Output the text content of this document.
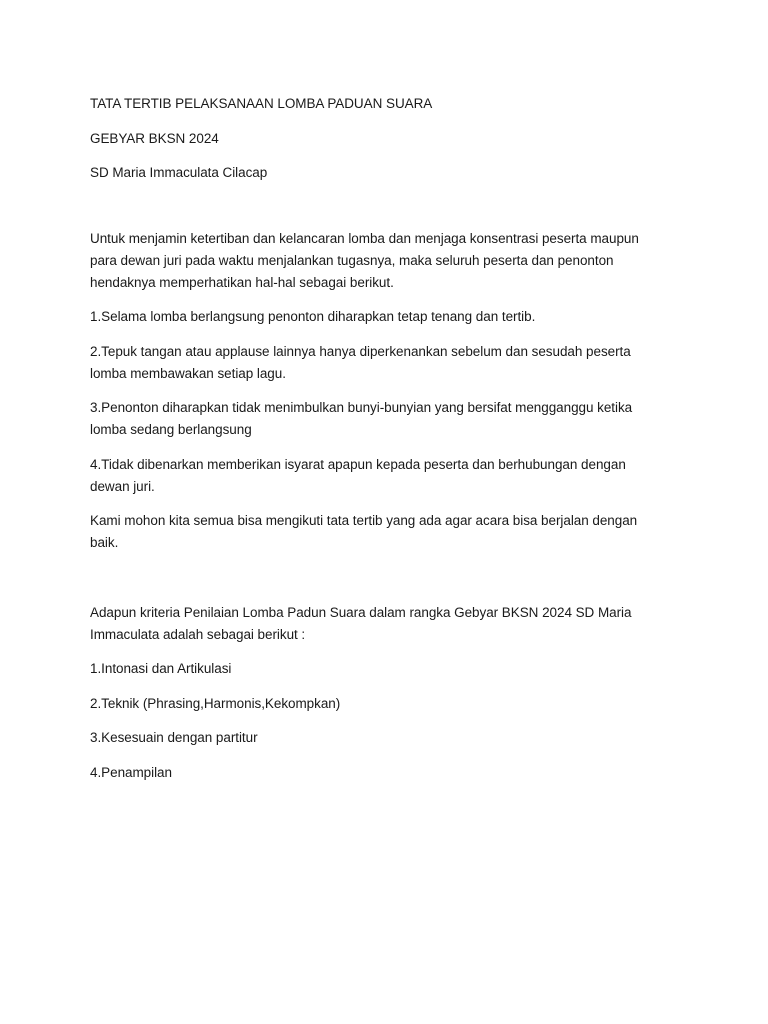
TATA TERTIB PELAKSANAAN LOMBA PADUAN SUARA

GEBYAR BKSN 2024

SD Maria Immaculata Cilacap

Untuk menjamin ketertiban dan kelancaran lomba dan menjaga konsentrasi peserta maupun para dewan juri pada waktu menjalankan tugasnya, maka seluruh peserta dan penonton hendaknya memperhatikan hal-hal sebagai berikut.

1.Selama lomba berlangsung penonton diharapkan tetap tenang dan tertib.

2.Tepuk tangan atau applause lainnya hanya diperkenankan sebelum dan sesudah peserta lomba membawakan setiap lagu.

3.Penonton diharapkan tidak menimbulkan bunyi-bunyian yang bersifat mengganggu ketika lomba sedang berlangsung

4.Tidak dibenarkan memberikan isyarat apapun kepada peserta dan berhubungan dengan dewan juri.

Kami mohon kita semua bisa mengikuti tata tertib yang ada agar acara bisa berjalan dengan baik.

Adapun kriteria Penilaian Lomba Padun Suara dalam rangka Gebyar BKSN 2024 SD Maria Immaculata adalah sebagai berikut :

1.Intonasi dan Artikulasi

2.Teknik (Phrasing,Harmonis,Kekompkan)

3.Kesesuain dengan partitur

4.Penampilan
